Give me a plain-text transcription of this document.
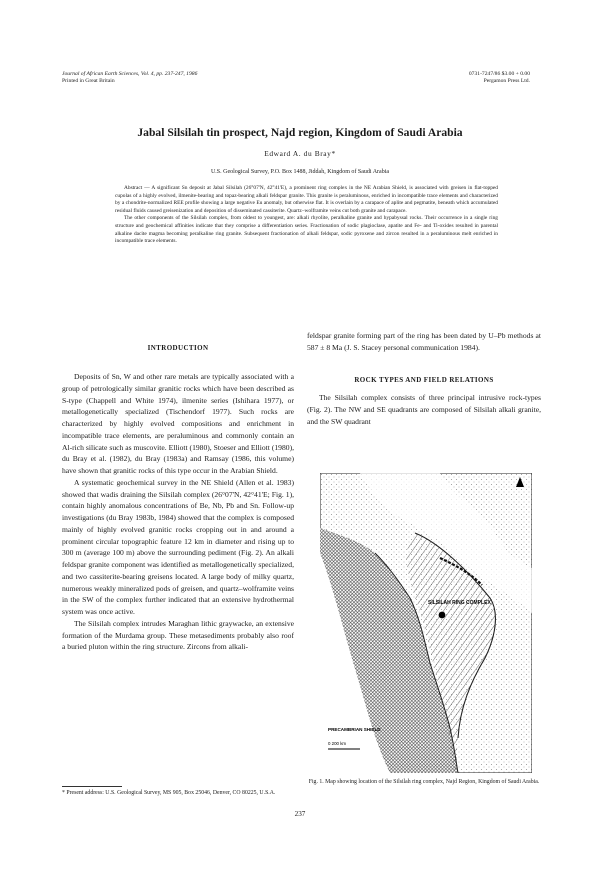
Journal of African Earth Sciences, Vol. 4, pp. 237-247, 1986
Printed in Great Britain
0731-7247/86 $3.00 + 0.00
Pergamon Press Ltd.
Jabal Silsilah tin prospect, Najd region, Kingdom of Saudi Arabia
Edward A. du Bray*
U.S. Geological Survey, P.O. Box 1488, Jiddah, Kingdom of Saudi Arabia

Abstract — A significant Sn deposit at Jabal Silsilah (26°07'N, 42°41'E), a prominent ring complex in the NE Arabian Shield, is associated with greisen in flat-topped cupolas of a highly evolved, ilmenite-bearing and topaz-bearing alkali feldspar granite. This granite is peraluminous, enriched in incompatible trace elements and characterized by a chondrite-normalized REE profile showing a large negative Eu anomaly, but otherwise flat. It is overlain by a carapace of aplite and pegmatite, beneath which accumulated residual fluids caused greisenization and deposition of disseminated cassiterite. Quartz–wolframite veins cut both granite and carapace.

The other components of the Silsilah complex, from oldest to youngest, are: alkali rhyolite, peralkaline granite and hypabyssal rocks. Their occurrence in a single ring structure and geochemical affinities indicate that they comprise a differentiation series. Fractionation of sodic plagioclase, apatite and Fe- and Ti-oxides resulted in parental alkaline dacite magma becoming peralkaline ring granite. Subsequent fractionation of alkali feldspar, sodic pyroxene and zircon resulted in a peraluminous melt enriched in incompatible trace elements.

INTRODUCTION

Deposits of Sn, W and other rare metals are typically associated with a group of petrologically similar granitic rocks which have been described as S-type (Chappell and White 1974), ilmenite series (Ishihara 1977), or metallogenetically specialized (Tischendorf 1977). Such rocks are characterized by highly evolved compositions and enrichment in incompatible trace elements, are peraluminous and commonly contain an Al-rich silicate such as muscovite. Elliott (1980), Stoeser and Elliott (1980), du Bray et al. (1982), du Bray (1983a) and Ramsay (1986, this volume) have shown that granitic rocks of this type occur in the Arabian Shield.

A systematic geochemical survey in the NE Shield (Allen et al. 1983) showed that wadis draining the Silsilah complex (26°07'N, 42°41'E; Fig. 1), contain highly anomalous concentrations of Be, Nb, Pb and Sn. Follow-up investigations (du Bray 1983b, 1984) showed that the complex is composed mainly of highly evolved granitic rocks cropping out in and around a prominent circular topographic feature 12 km in diameter and rising up to 300 m (average 100 m) above the surrounding pediment (Fig. 2). An alkali feldspar granite component was identified as metallogenetically specialized, and two cassiterite-bearing greisens located. A large body of milky quartz, numerous weakly mineralized pods of greisen, and quartz–wolframite veins in the SW of the complex further indicated that an extensive hydrothermal system was once active.

The Silsilah complex intrudes Maraghan lithic graywacke, an extensive formation of the Murdama group. These metasediments probably also roof a buried pluton within the ring structure. Zircons from alkali-

feldspar granite forming part of the ring has been dated by U–Pb methods at 587 ± 8 Ma (J. S. Stacey personal communication 1984).

ROCK TYPES AND FIELD RELATIONS

The Silsilah complex consists of three principal intrusive rock-types (Fig. 2). The NW and SE quadrants are composed of Silsilah alkali granite, and the SW quadrant

SILSILAH RING COMPLEX
PRECAMBRIAN SHIELD
0 200 km
Fig. 1. Map showing location of the Silsilah ring complex, Najd Region, Kingdom of Saudi Arabia.
* Present address: U.S. Geological Survey, MS 905, Box 25046, Denver, CO 80225, U.S.A.
237
